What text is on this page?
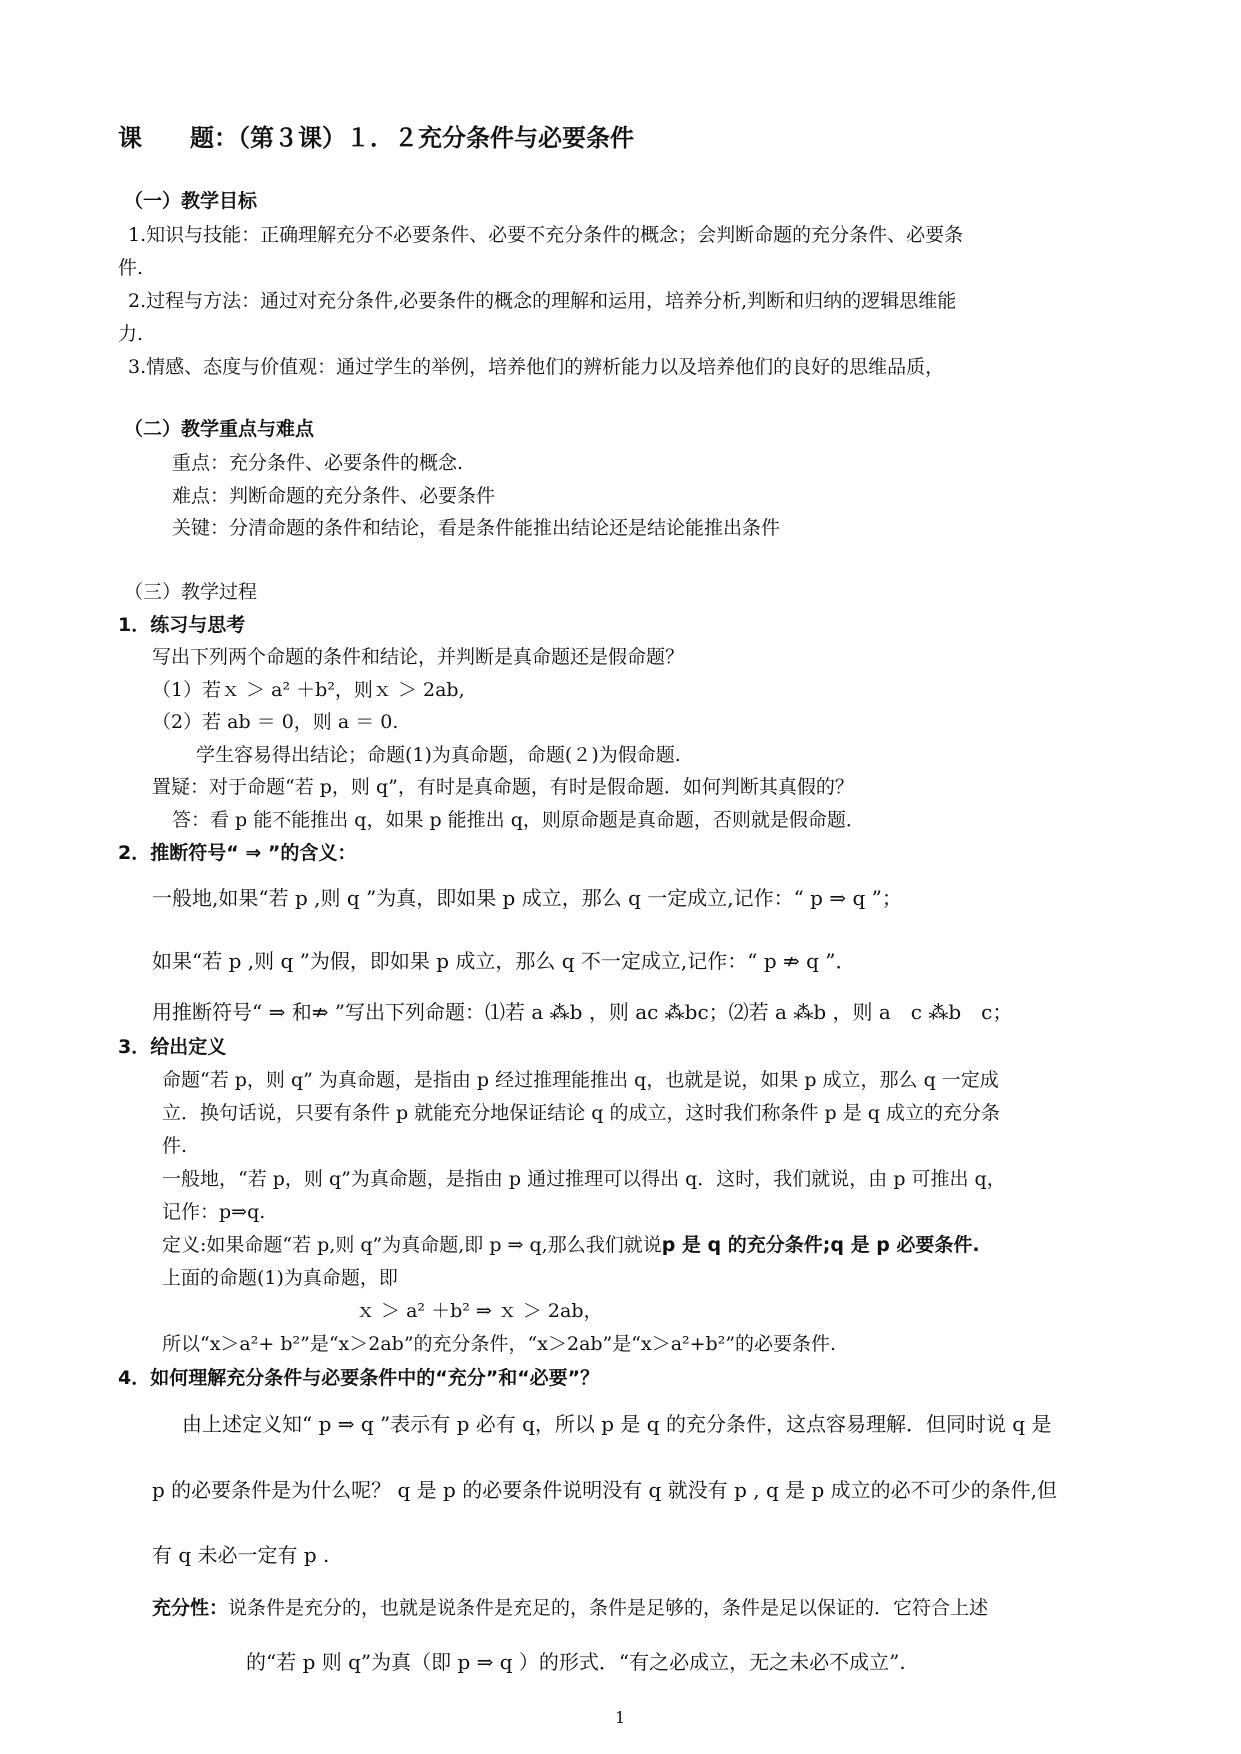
课　　题：（第３课）１．２充分条件与必要条件
（一）教学目标
1.知识与技能：正确理解充分不必要条件、必要不充分条件的概念；会判断命题的充分条件、必要条
件.
2.过程与方法：通过对充分条件,必要条件的概念的理解和运用，培养分析,判断和归纳的逻辑思维能
力.
3.情感、态度与价值观：通过学生的举例，培养他们的辨析能力以及培养他们的良好的思维品质，
（二）教学重点与难点
重点：充分条件、必要条件的概念.
难点：判断命题的充分条件、必要条件
关键：分清命题的条件和结论，看是条件能推出结论还是结论能推出条件
（三）教学过程
1．练习与思考
写出下列两个命题的条件和结论，并判断是真命题还是假命题？
（1）若ｘ ＞ a² ＋b²，则ｘ ＞ 2ab,
（2）若 ab ＝ 0，则 a ＝ 0.
学生容易得出结论；命题(1)为真命题，命题(２)为假命题.
置疑：对于命题“若 p，则 q”，有时是真命题，有时是假命题．如何判断其真假的？
答：看 p 能不能推出 q，如果 p 能推出 q，则原命题是真命题，否则就是假命题．
2．推断符号“ ⇒ ”的含义：
一般地,如果“若 p ,则 q ”为真，即如果 p 成立，那么 q 一定成立,记作：“ p ⇒ q ”；
如果“若 p ,则 q ”为假，即如果 p 成立，那么 q 不一定成立,记作：“ p ⇏ q ”．
用推断符号“ ⇒ 和⇏ ”写出下列命题：⑴若 a ⁂b ，则 ac ⁂bc；⑵若 a ⁂b ，则 a　c ⁂b　c；
3．给出定义
命题“若 p，则 q” 为真命题，是指由 p 经过推理能推出 q，也就是说，如果 p 成立，那么 q 一定成
立．换句话说，只要有条件 p 就能充分地保证结论 q 的成立，这时我们称条件 p 是 q 成立的充分条
件.
一般地，“若 p，则 q”为真命题，是指由 p 通过推理可以得出 q．这时，我们就说，由 p 可推出 q，
记作：p⇒q.
定义:如果命题“若 p,则 q”为真命题,即 p ⇒ q,那么我们就说p 是 q 的充分条件;q 是 p 必要条件.
上面的命题(1)为真命题，即
ｘ ＞ a² ＋b² ⇒ ｘ ＞ 2ab，
所以“x＞a²+ b²”是“x＞2ab”的充分条件，“x＞2ab”是“x＞a²+b²”的必要条件.
4．如何理解充分条件与必要条件中的“充分”和“必要”？
由上述定义知“ p ⇒ q ”表示有 p 必有 q，所以 p 是 q 的充分条件，这点容易理解．但同时说 q 是
p 的必要条件是为什么呢？ q 是 p 的必要条件说明没有 q 就没有 p , q 是 p 成立的必不可少的条件,但
有 q 未必一定有 p .
充分性：说条件是充分的，也就是说条件是充足的，条件是足够的，条件是足以保证的．它符合上述
的“若 p 则 q”为真（即 p ⇒ q ）的形式．“有之必成立，无之未必不成立”.
1
